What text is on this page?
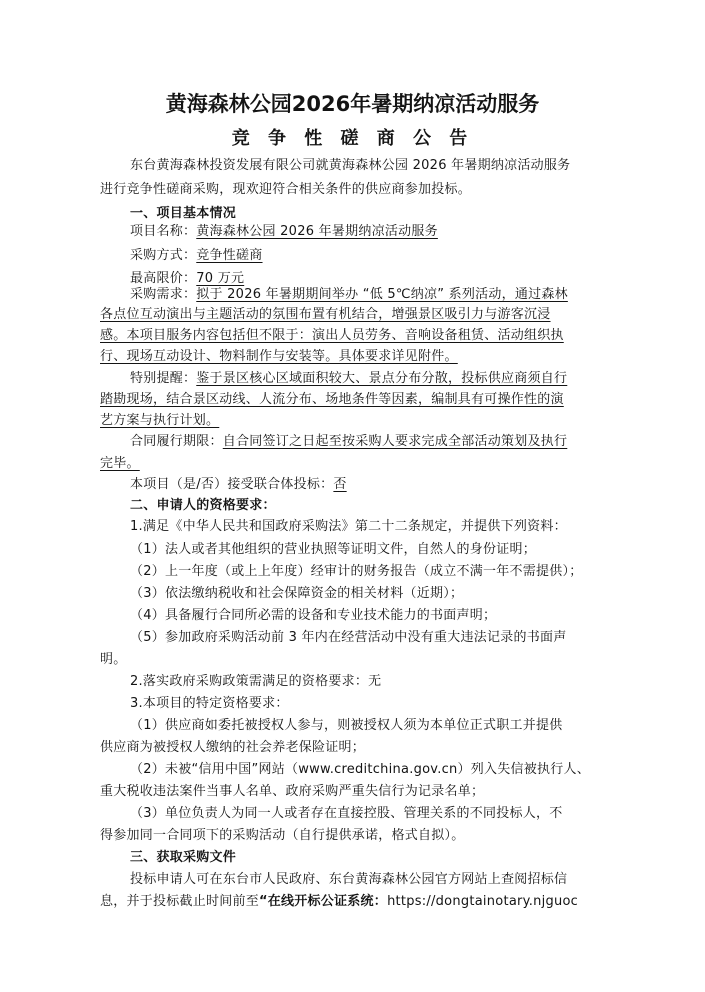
黄海森林公园2026年暑期纳凉活动服务
竞 争 性 磋 商 公 告
东台黄海森林投资发展有限公司就黄海森林公园 2026 年暑期纳凉活动服务
进行竞争性磋商采购，现欢迎符合相关条件的供应商参加投标。
一、项目基本情况
项目名称：黄海森林公园 2026 年暑期纳凉活动服务
采购方式：竞争性磋商
最高限价：70 万元
采购需求：拟于 2026 年暑期期间举办 “低 5℃纳凉” 系列活动，通过森林
各点位互动演出与主题活动的氛围布置有机结合，增强景区吸引力与游客沉浸
感。本项目服务内容包括但不限于：演出人员劳务、音响设备租赁、活动组织执
行、现场互动设计、物料制作与安装等。具体要求详见附件。
特别提醒：鉴于景区核心区域面积较大、景点分布分散，投标供应商须自行
踏勘现场，结合景区动线、人流分布、场地条件等因素，编制具有可操作性的演
艺方案与执行计划。
合同履行期限：自合同签订之日起至按采购人要求完成全部活动策划及执行
完毕。
本项目（是/否）接受联合体投标：否
二、申请人的资格要求：
1.满足《中华人民共和国政府采购法》第二十二条规定，并提供下列资料：
（1）法人或者其他组织的营业执照等证明文件，自然人的身份证明；
（2）上一年度（或上上年度）经审计的财务报告（成立不满一年不需提供）；
（3）依法缴纳税收和社会保障资金的相关材料（近期）；
（4）具备履行合同所必需的设备和专业技术能力的书面声明；
（5）参加政府采购活动前 3 年内在经营活动中没有重大违法记录的书面声
明。
2.落实政府采购政策需满足的资格要求：无
3.本项目的特定资格要求：
（1）供应商如委托被授权人参与，则被授权人须为本单位正式职工并提供
供应商为被授权人缴纳的社会养老保险证明；
（2）未被“信用中国”网站（www.creditchina.gov.cn）列入失信被执行人、
重大税收违法案件当事人名单、政府采购严重失信行为记录名单；
（3）单位负责人为同一人或者存在直接控股、管理关系的不同投标人，不
得参加同一合同项下的采购活动（自行提供承诺，格式自拟）。
三、获取采购文件
投标申请人可在东台市人民政府、东台黄海森林公园官方网站上查阅招标信
息，并于投标截止时间前至“在线开标公证系统：https://dongtainotary.njguoc
